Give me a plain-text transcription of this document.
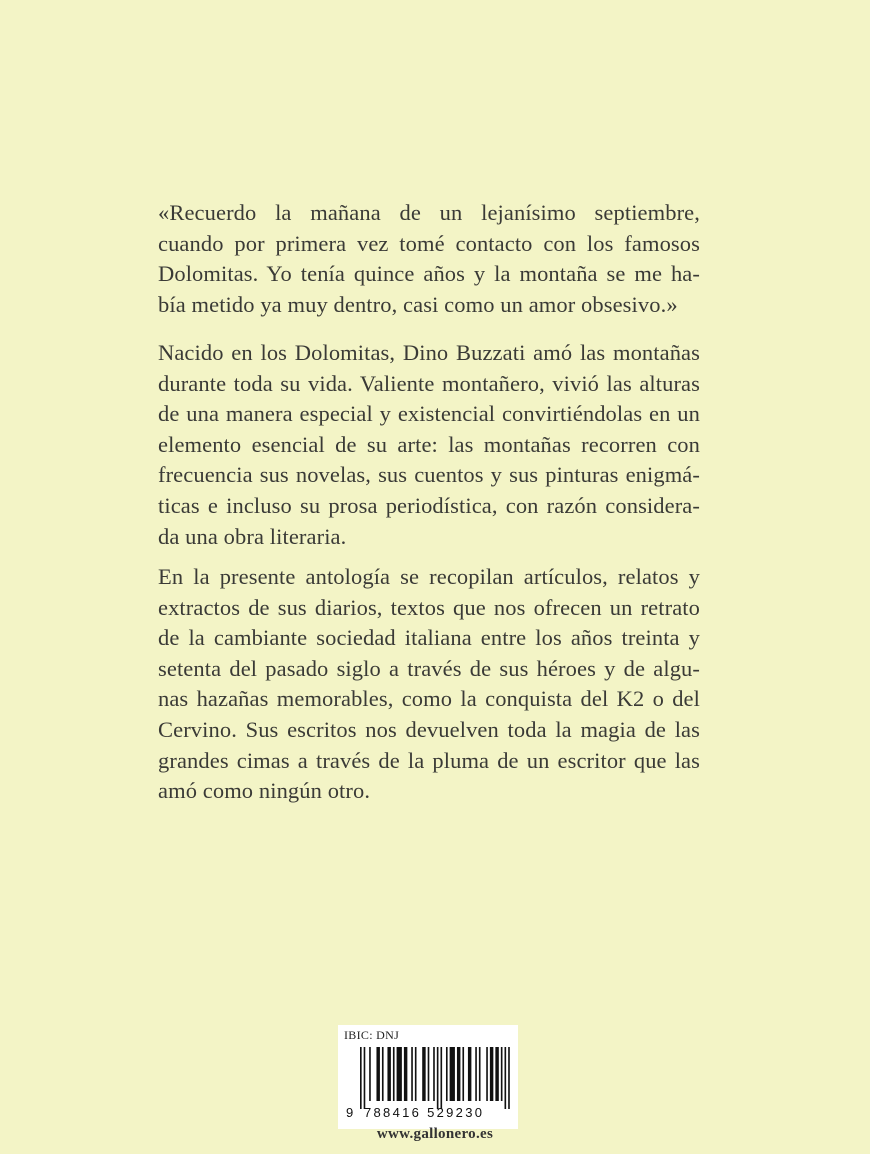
«Recuerdo la mañana de un lejanísimo septiembre,
cuando por primera vez tomé contacto con los famosos
Dolomitas. Yo tenía quince años y la montaña se me ha-
bía metido ya muy dentro, casi como un amor obsesivo.»
Nacido en los Dolomitas, Dino Buzzati amó las montañas
durante toda su vida. Valiente montañero, vivió las alturas
de una manera especial y existencial convirtiéndolas en un
elemento esencial de su arte: las montañas recorren con
frecuencia sus novelas, sus cuentos y sus pinturas enigmá-
ticas e incluso su prosa periodística, con razón considera-
da una obra literaria.
En la presente antología se recopilan artículos, relatos y
extractos de sus diarios, textos que nos ofrecen un retrato
de la cambiante sociedad italiana entre los años treinta y
setenta del pasado siglo a través de sus héroes y de algu-
nas hazañas memorables, como la conquista del K2 o del
Cervino. Sus escritos nos devuelven toda la magia de las
grandes cimas a través de la pluma de un escritor que las
amó como ningún otro.
IBIC: DNJ
9 788416 529230
www.gallonero.es
